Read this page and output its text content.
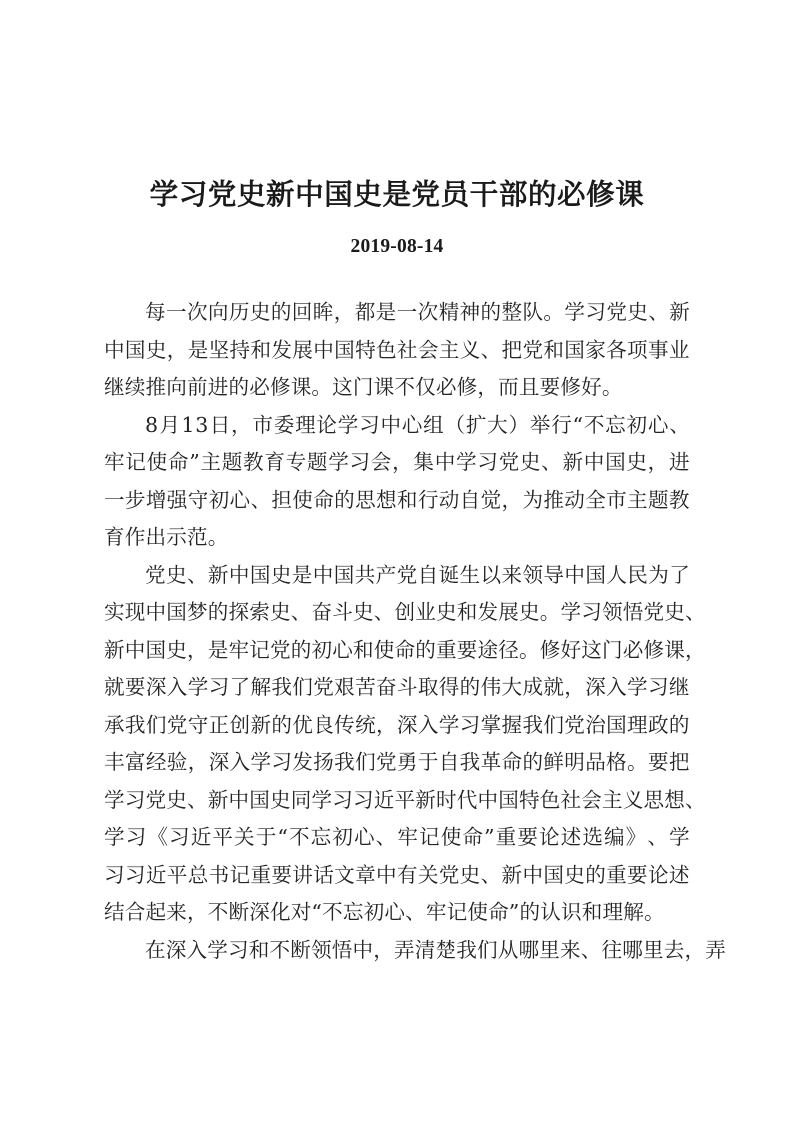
学习党史新中国史是党员干部的必修课
2019-08-14

每 一 次 向 历 史 的 回 眸 ， 都 是 一 次 精 神 的 整 队 。 学 习 党 史 、 新
中 国 史 ， 是 坚 持 和 发 展 中 国 特 色 社 会 主 义 、 把 党 和 国 家 各 项 事 业
继续推向前进的必修课。这门课不仅必修，而且要修好。

8 月 1 3 日 ， 市 委 理 论 学 习 中 心 组 （ 扩 大 ） 举 行 “ 不 忘 初 心 、
牢 记 使 命 ” 主 题 教 育 专 题 学 习 会 ， 集 中 学 习 党 史 、 新 中 国 史 ， 进
一 步 增 强 守 初 心 、 担 使 命 的 思 想 和 行 动 自 觉 ， 为 推 动 全 市 主 题 教
育作出示范。

党 史 、 新 中 国 史 是 中 国 共 产 党 自 诞 生 以 来 领 导 中 国 人 民 为 了
实 现 中 国 梦 的 探 索 史 、 奋 斗 史 、 创 业 史 和 发 展 史 。 学 习 领 悟 党 史 、
新 中 国 史 ， 是 牢 记 党 的 初 心 和 使 命 的 重 要 途 径 。 修 好 这 门 必 修 课 ，
就 要 深 入 学 习 了 解 我 们 党 艰 苦 奋 斗 取 得 的 伟 大 成 就 ， 深 入 学 习 继
承 我 们 党 守 正 创 新 的 优 良 传 统 ， 深 入 学 习 掌 握 我 们 党 治 国 理 政 的
丰 富 经 验 ， 深 入 学 习 发 扬 我 们 党 勇 于 自 我 革 命 的 鲜 明 品 格 。 要 把
学 习 党 史 、 新 中 国 史 同 学 习 习 近 平 新 时 代 中 国 特 色 社 会 主 义 思 想 、
学 习 《 习 近 平 关 于 “ 不 忘 初 心 、 牢 记 使 命 ” 重 要 论 述 选 编 》 、 学
习 习 近 平 总 书 记 重 要 讲 话 文 章 中 有 关 党 史 、 新 中 国 史 的 重 要 论 述
结合起来，不断深化对“不忘初心、牢记使命”的认识和理解。

在 深 入 学 习 和 不 断 领 悟 中 ， 弄 清 楚 我 们 从 哪 里 来 、 往 哪 里 去 ， 弄
